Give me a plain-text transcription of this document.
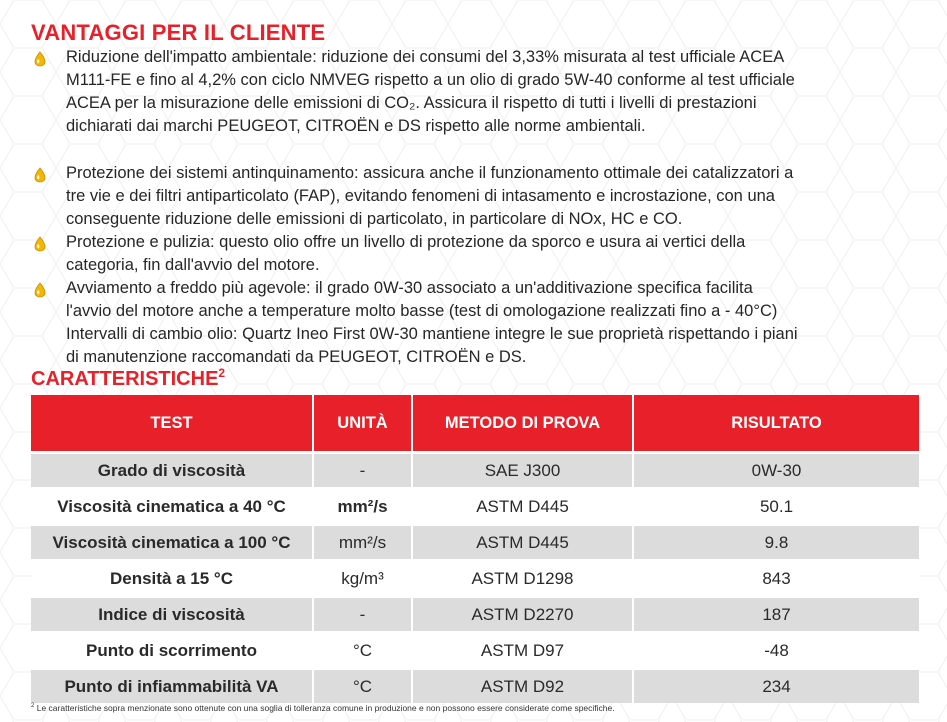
VANTAGGI PER IL CLIENTE
Riduzione dell'impatto ambientale: riduzione dei consumi del 3,33% misurata al test ufficiale ACEA
M111-FE e fino al 4,2% con ciclo NMVEG rispetto a un olio di grado 5W-40 conforme al test ufficiale
ACEA per la misurazione delle emissioni di CO₂. Assicura il rispetto di tutti i livelli di prestazioni
dichiarati dai marchi PEUGEOT, CITROËN e DS rispetto alle norme ambientali.
Protezione dei sistemi antinquinamento: assicura anche il funzionamento ottimale dei catalizzatori a
tre vie e dei filtri antiparticolato (FAP), evitando fenomeni di intasamento e incrostazione, con una
conseguente riduzione delle emissioni di particolato, in particolare di NOx, HC e CO.
Protezione e pulizia: questo olio offre un livello di protezione da sporco e usura ai vertici della
categoria, fin dall'avvio del motore.
Avviamento a freddo più agevole: il grado 0W-30 associato a un'additivazione specifica facilita
l'avvio del motore anche a temperature molto basse (test di omologazione realizzati fino a - 40°C)
Intervalli di cambio olio: Quartz Ineo First 0W-30 mantiene integre le sue proprietà rispettando i piani
di manutenzione raccomandati da PEUGEOT, CITROËN e DS.
CARATTERISTICHE$^2$
TEST	UNITÀ	METODO DI PROVA	RISULTATO
Grado di viscosità	-	SAE J300	0W-30
Viscosità cinematica a 40 °C	mm²/s	ASTM D445	50.1
Viscosità cinematica a 100 °C	mm²/s	ASTM D445	9.8
Densità a 15 °C	kg/m³	ASTM D1298	843
Indice di viscosità	-	ASTM D2270	187
Punto di scorrimento	°C	ASTM D97	-48
Punto di infiammabilità VA	°C	ASTM D92	234
$^2$ Le caratteristiche sopra menzionate sono ottenute con una soglia di tolleranza comune in produzione e non possono essere considerate come specifiche.
